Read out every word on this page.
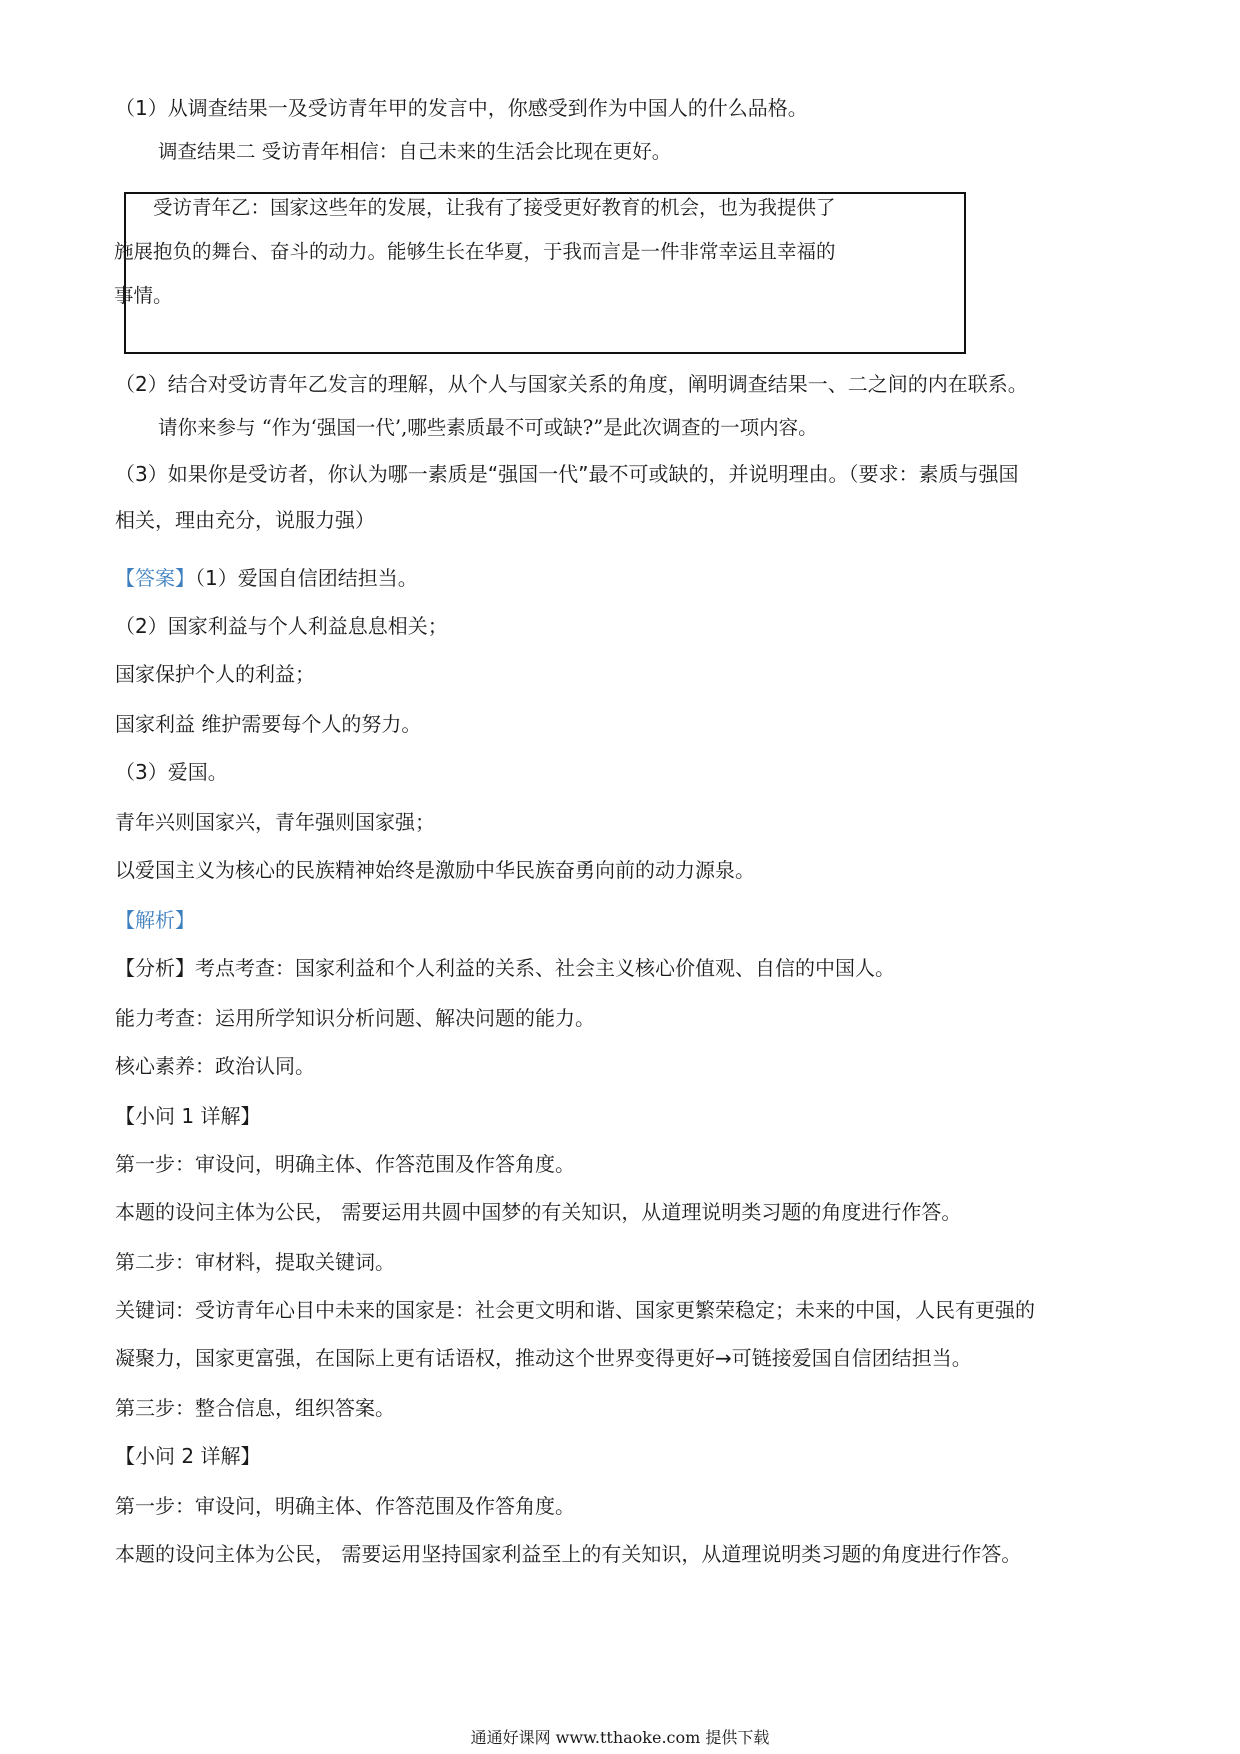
（1）从调查结果一及受访青年甲的发言中，你感受到作为中国人的什么品格。
调查结果二 受访青年相信：自己未来的生活会比现在更好。
受访青年乙：国家这些年的发展，让我有了接受更好教育的机会，也为我提供了
施展抱负的舞台、奋斗的动力。能够生长在华夏，于我而言是一件非常幸运且幸福的
事情。
（2）结合对受访青年乙发言的理解，从个人与国家关系的角度，阐明调查结果一、二之间的内在联系。
请你来参与 “作为‘强国一代’,哪些素质最不可或缺?”是此次调查的一项内容。
（3）如果你是受访者，你认为哪一素质是“强国一代”最不可或缺的，并说明理由。（要求：素质与强国
相关，理由充分，说服力强）
【答案】（1）爱国自信团结担当。
（2）国家利益与个人利益息息相关；
国家保护个人的利益；
国家利益 维护需要每个人的努力。
（3）爱国。
青年兴则国家兴，青年强则国家强；
以爱国主义为核心的民族精神始终是激励中华民族奋勇向前的动力源泉。
【解析】
【分析】考点考查：国家利益和个人利益的关系、社会主义核心价值观、自信的中国人。
能力考查：运用所学知识分析问题、解决问题的能力。
核心素养：政治认同。
【小问 1 详解】
第一步：审设问，明确主体、作答范围及作答角度。
本题的设问主体为公民， 需要运用共圆中国梦的有关知识，从道理说明类习题的角度进行作答。
第二步：审材料，提取关键词。
关键词：受访青年心目中未来的国家是：社会更文明和谐、国家更繁荣稳定；未来的中国，人民有更强的
凝聚力，国家更富强，在国际上更有话语权，推动这个世界变得更好→可链接爱国自信团结担当。
第三步：整合信息，组织答案。
【小问 2 详解】
第一步：审设问，明确主体、作答范围及作答角度。
本题的设问主体为公民， 需要运用坚持国家利益至上的有关知识，从道理说明类习题的角度进行作答。
通通好课网 www.tthaoke.com 提供下载
